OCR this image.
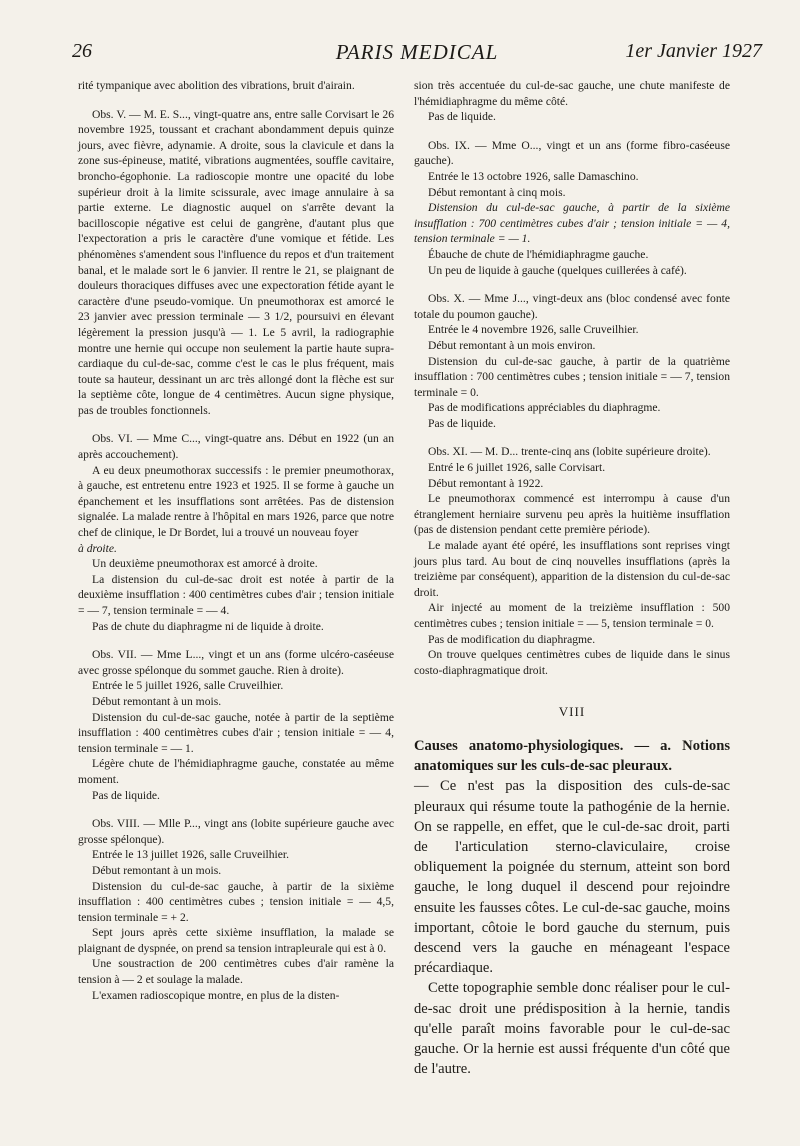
26	PARIS MEDICAL	1er Janvier 1927

rité tympanique avec abolition des vibrations, bruit d'airain.

Obs. V. — M. E. S..., vingt-quatre ans, entre salle Corvisart le 26 novembre 1925, toussant et crachant abondamment depuis quinze jours, avec fièvre, adynamie. A droite, sous la clavicule et dans la zone sus-épineuse, matité, vibrations augmentées, souffle cavitaire, broncho-égophonie. La radioscopie montre une opacité du lobe supérieur droit à la limite scissurale, avec image annulaire à sa partie externe. Le diagnostic auquel on s'arrête devant la bacilloscopie négative est celui de gangrène, d'autant plus que l'expectoration a pris le caractère d'une vomique et fétide. Les phénomènes s'amendent sous l'influence du repos et d'un traitement banal, et le malade sort le 6 janvier. Il rentre le 21, se plaignant de douleurs thoraciques diffuses avec une expectoration fétide ayant le caractère d'une pseudo-vomique. Un pneumothorax est amorcé le 23 janvier avec pression terminale — 3 1/2, poursuivi en élevant légèrement la pression jusqu'à — 1. Le 5 avril, la radiographie montre une hernie qui occupe non seulement la partie haute supra-cardiaque du cul-de-sac, comme c'est le cas le plus fréquent, mais toute sa hauteur, dessinant un arc très allongé dont la flèche est sur la septième côte, longue de 4 centimètres. Aucun signe physique, pas de troubles fonctionnels.

Obs. VI. — Mme C..., vingt-quatre ans. Début en 1922 (un an après accouchement).

A eu deux pneumothorax successifs : le premier pneumothorax, à gauche, est entretenu entre 1923 et 1925. Il se forme à gauche un épanchement et les insufflations sont arrêtées. Pas de distension signalée. La malade rentre à l'hôpital en mars 1926, parce que notre chef de clinique, le Dr Bordet, lui a trouvé un nouveau foyer

à droite.

Un deuxième pneumothorax est amorcé à droite.

La distension du cul-de-sac droit est notée à partir de la deuxième insufflation : 400 centimètres cubes d'air ; tension initiale = — 7, tension terminale = — 4.

Pas de chute du diaphragme ni de liquide à droite.

Obs. VII. — Mme L..., vingt et un ans (forme ulcéro-caséeuse avec grosse spélonque du sommet gauche. Rien à droite).

Entrée le 5 juillet 1926, salle Cruveilhier.

Début remontant à un mois.

Distension du cul-de-sac gauche, notée à partir de la septième insufflation : 400 centimètres cubes d'air ; tension initiale = — 4, tension terminale = — 1.

Légère chute de l'hémidiaphragme gauche, constatée au même moment.

Pas de liquide.

Obs. VIII. — Mlle P..., vingt ans (lobite supérieure gauche avec grosse spélonque).

Entrée le 13 juillet 1926, salle Cruveilhier.

Début remontant à un mois.

Distension du cul-de-sac gauche, à partir de la sixième insufflation : 400 centimètres cubes ; tension initiale = — 4,5, tension terminale = + 2.

Sept jours après cette sixième insufflation, la malade se plaignant de dyspnée, on prend sa tension intrapleurale qui est à 0.

Une soustraction de 200 centimètres cubes d'air ramène la tension à — 2 et soulage la malade.

L'examen radioscopique montre, en plus de la disten-

sion très accentuée du cul-de-sac gauche, une chute manifeste de l'hémidiaphragme du même côté.

Pas de liquide.

Obs. IX. — Mme O..., vingt et un ans (forme fibro-caséeuse gauche).

Entrée le 13 octobre 1926, salle Damaschino.

Début remontant à cinq mois.

Distension du cul-de-sac gauche, à partir de la sixième insufflation : 700 centimètres cubes d'air ; tension initiale = — 4, tension terminale = — 1.

Ébauche de chute de l'hémidiaphragme gauche.

Un peu de liquide à gauche (quelques cuillerées à café).

Obs. X. — Mme J..., vingt-deux ans (bloc condensé avec fonte totale du poumon gauche).

Entrée le 4 novembre 1926, salle Cruveilhier.

Début remontant à un mois environ.

Distension du cul-de-sac gauche, à partir de la quatrième insufflation : 700 centimètres cubes ; tension initiale = — 7, tension terminale = 0.

Pas de modifications appréciables du diaphragme.

Pas de liquide.

Obs. XI. — M. D... trente-cinq ans (lobite supérieure droite).

Entré le 6 juillet 1926, salle Corvisart.

Début remontant à 1922.

Le pneumothorax commencé est interrompu à cause d'un étranglement herniaire survenu peu après la huitième insufflation (pas de distension pendant cette première période).

Le malade ayant été opéré, les insufflations sont reprises vingt jours plus tard. Au bout de cinq nouvelles insufflations (après la treizième par conséquent), apparition de la distension du cul-de-sac droit.

Air injecté au moment de la treizième insufflation : 500 centimètres cubes ; tension initiale = — 5, tension terminale = 0.

Pas de modification du diaphragme.

On trouve quelques centimètres cubes de liquide dans le sinus costo-diaphragmatique droit.

VIII

Causes anatomo-physiologiques. — a. Notions anatomiques sur les culs-de-sac pleuraux.

— Ce n'est pas la disposition des culs-de-sac pleuraux qui résume toute la pathogénie de la hernie. On se rappelle, en effet, que le cul-de-sac droit, parti de l'articulation sterno-claviculaire, croise obliquement la poignée du sternum, atteint son bord gauche, le long duquel il descend pour rejoindre ensuite les fausses côtes. Le cul-de-sac gauche, moins important, côtoie le bord gauche du sternum, puis descend vers la gauche en ménageant l'espace précardiaque.

Cette topographie semble donc réaliser pour le cul-de-sac droit une prédisposition à la hernie, tandis qu'elle paraît moins favorable pour le cul-de-sac gauche. Or la hernie est aussi fréquente d'un côté que de l'autre.
